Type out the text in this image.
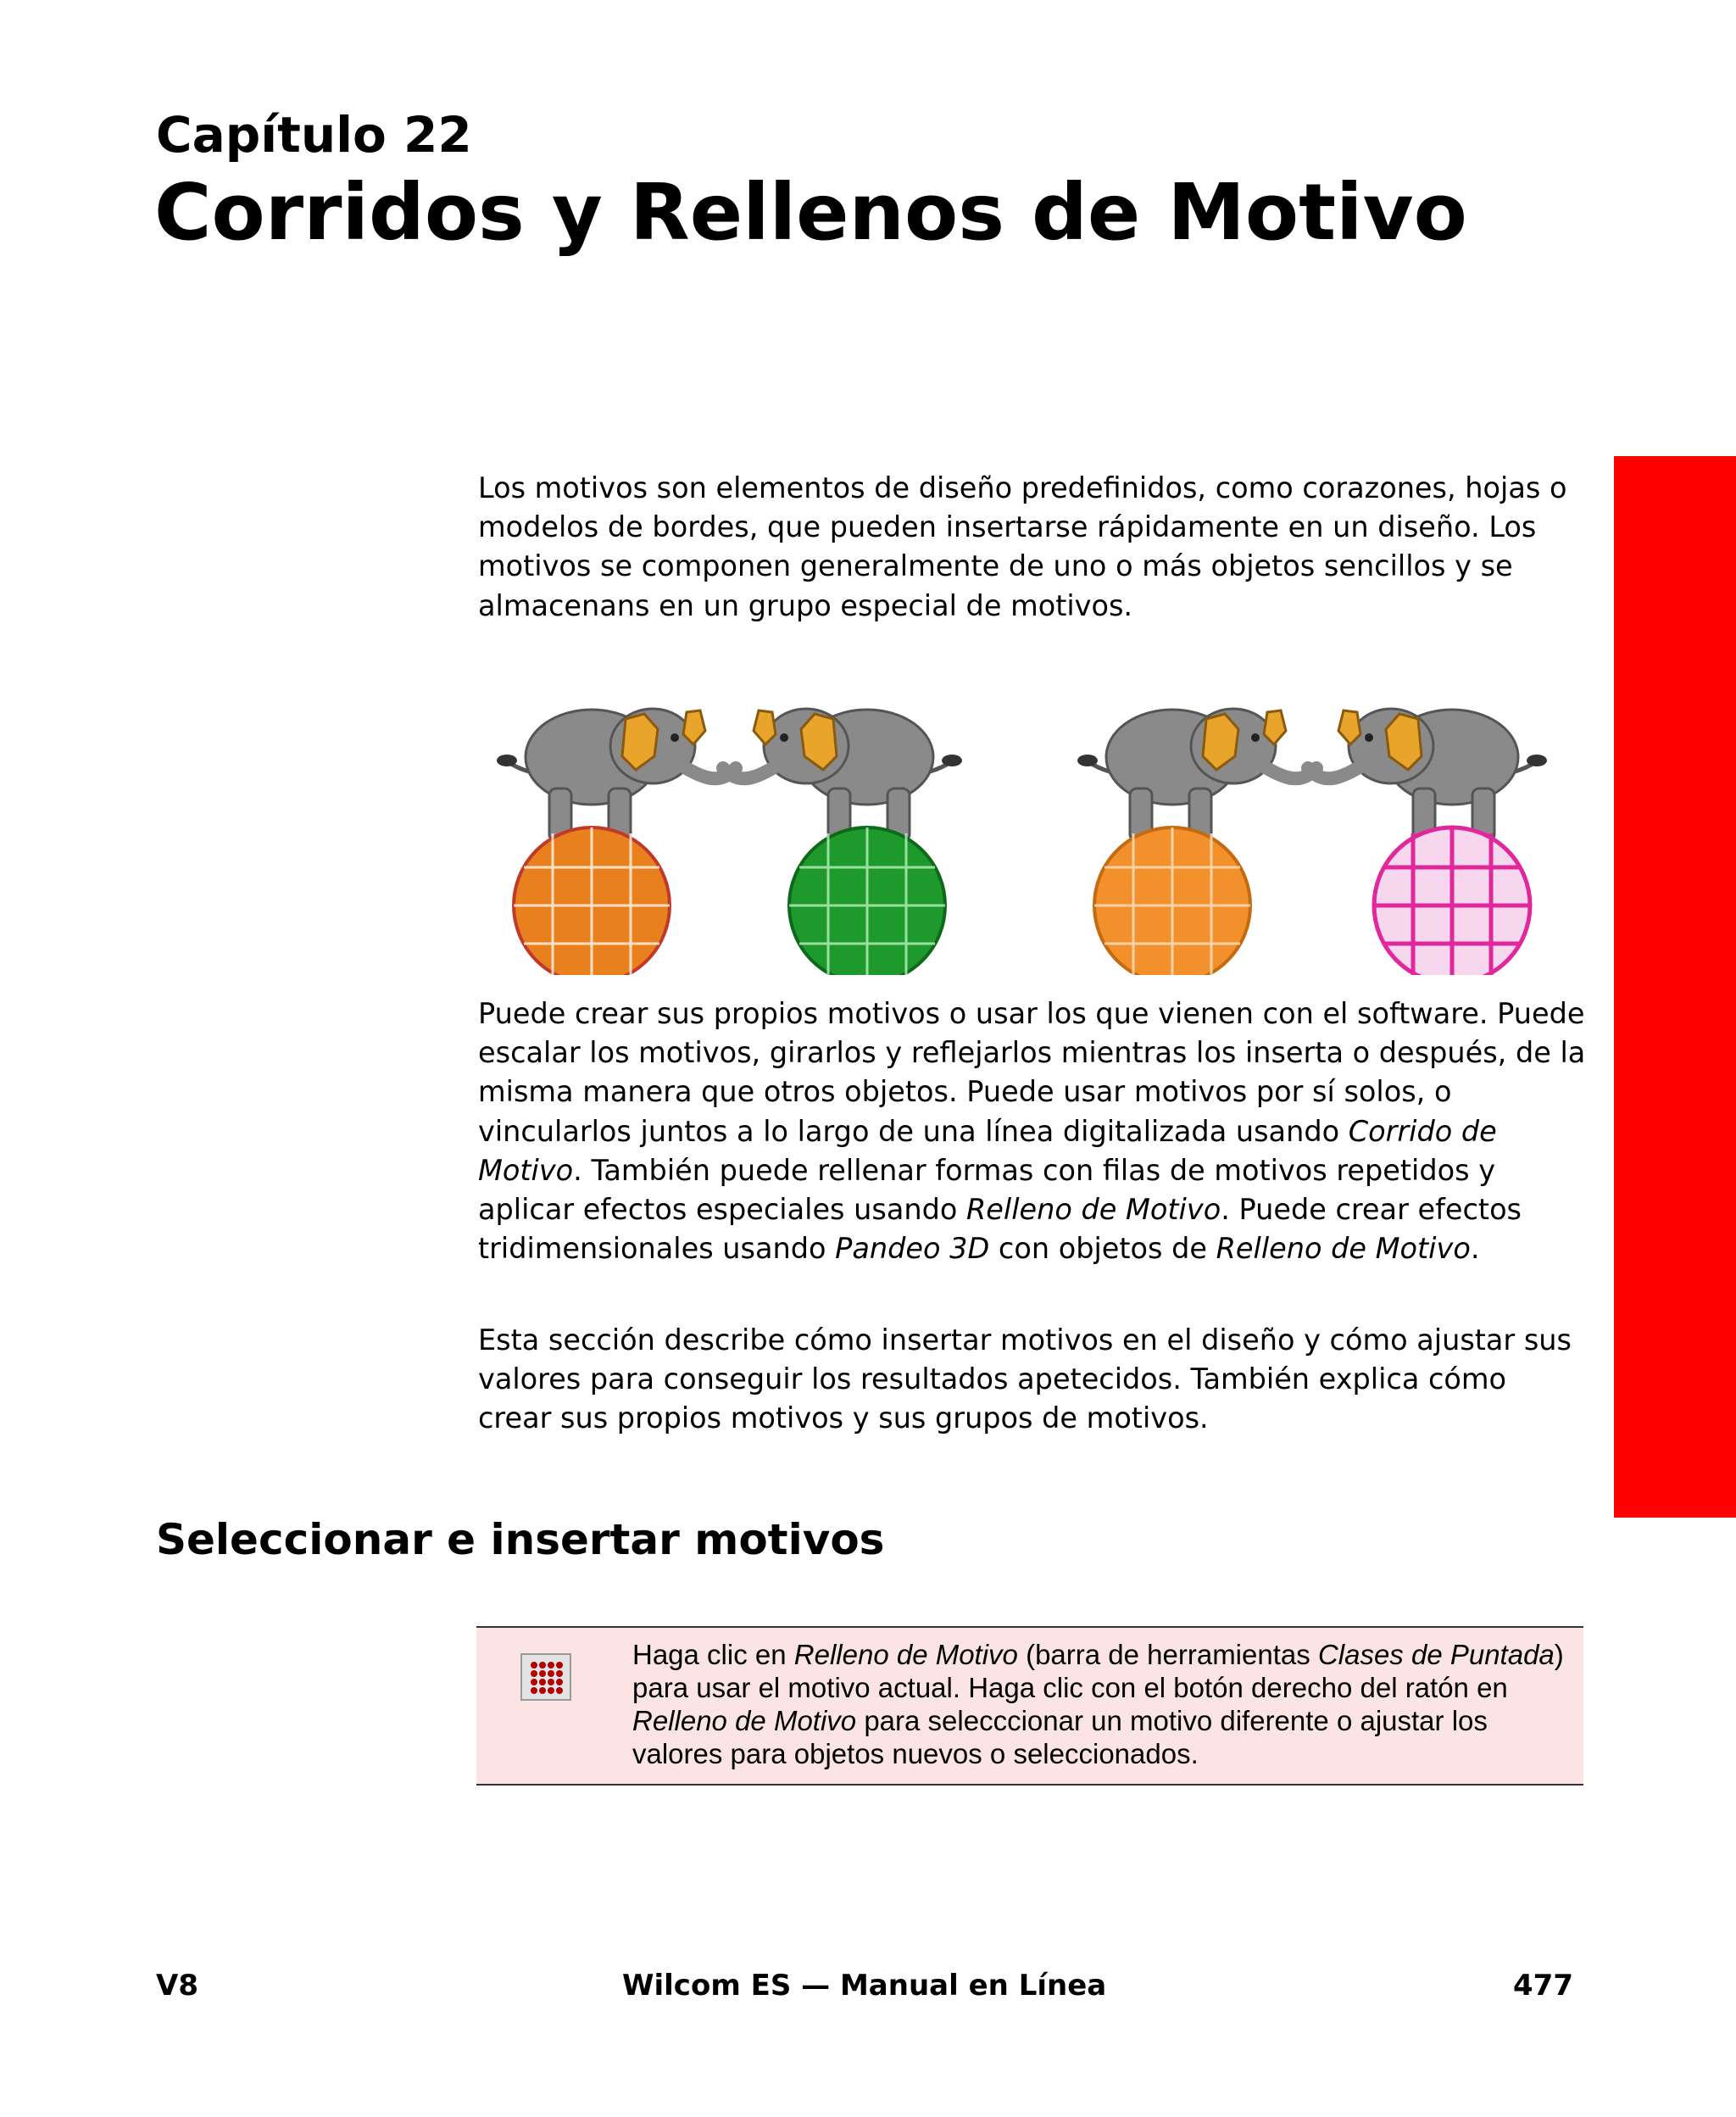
Capítulo 22
Corridos y Rellenos de Motivo

Los motivos son elementos de diseño predefinidos, como corazones, hojas o modelos de bordes, que pueden insertarse rápidamente en un diseño. Los motivos se componen generalmente de uno o más objetos sencillos y se almacenans en un grupo especial de motivos.

Puede crear sus propios motivos o usar los que vienen con el software. Puede escalar los motivos, girarlos y reflejarlos mientras los inserta o después, de la misma manera que otros objetos. Puede usar motivos por sí solos, o vincularlos juntos a lo largo de una línea digitalizada usando Corrido de Motivo. También puede rellenar formas con filas de motivos repetidos y aplicar efectos especiales usando Relleno de Motivo. Puede crear efectos tridimensionales usando Pandeo 3D con objetos de Relleno de Motivo.

Esta sección describe cómo insertar motivos en el diseño y cómo ajustar sus valores para conseguir los resultados apetecidos. También explica cómo crear sus propios motivos y sus grupos de motivos.

Seleccionar e insertar motivos

Haga clic en Relleno de Motivo (barra de herramientas Clases de Puntada) para usar el motivo actual. Haga clic con el botón derecho del ratón en Relleno de Motivo para selecccionar un motivo diferente o ajustar los valores para objetos nuevos o seleccionados.

V8	Wilcom ES — Manual en Línea	477
